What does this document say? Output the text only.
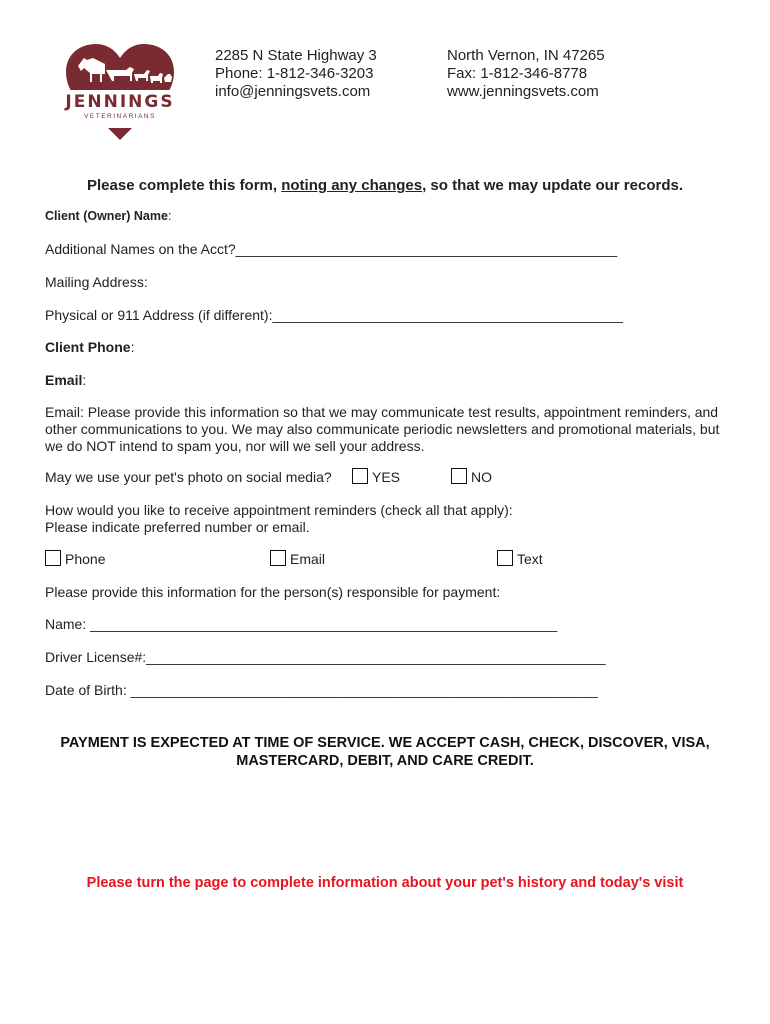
JENNINGS
VETERINARIANS
2285 N State Highway 3
Phone: 1-812-346-3203
info@jenningsvets.com
North Vernon, IN 47265
Fax: 1-812-346-8778
www.jenningsvets.com
Please complete this form, noting any changes, so that we may update our records.
Client (Owner) Name:
Additional Names on the Acct?_________________________________________________
Mailing Address:
Physical or 911 Address (if different):_____________________________________________
Client Phone:
Email:
Email: Please provide this information so that we may communicate test results, appointment reminders, and other communications to you. We may also communicate periodic newsletters and promotional materials, but we do NOT intend to spam you, nor will we sell your address.
May we use your pet's photo on social media?	YES	NO
How would you like to receive appointment reminders (check all that apply):
Please indicate preferred number or email.
Phone	Email	Text
Please provide this information for the person(s) responsible for payment:
Name: ____________________________________________________________
Driver License#:___________________________________________________________
Date of Birth: ____________________________________________________________
PAYMENT IS EXPECTED AT TIME OF SERVICE. WE ACCEPT CASH, CHECK, DISCOVER, VISA, MASTERCARD, DEBIT, AND CARE CREDIT.
Please turn the page to complete information about your pet's history and today's visit
